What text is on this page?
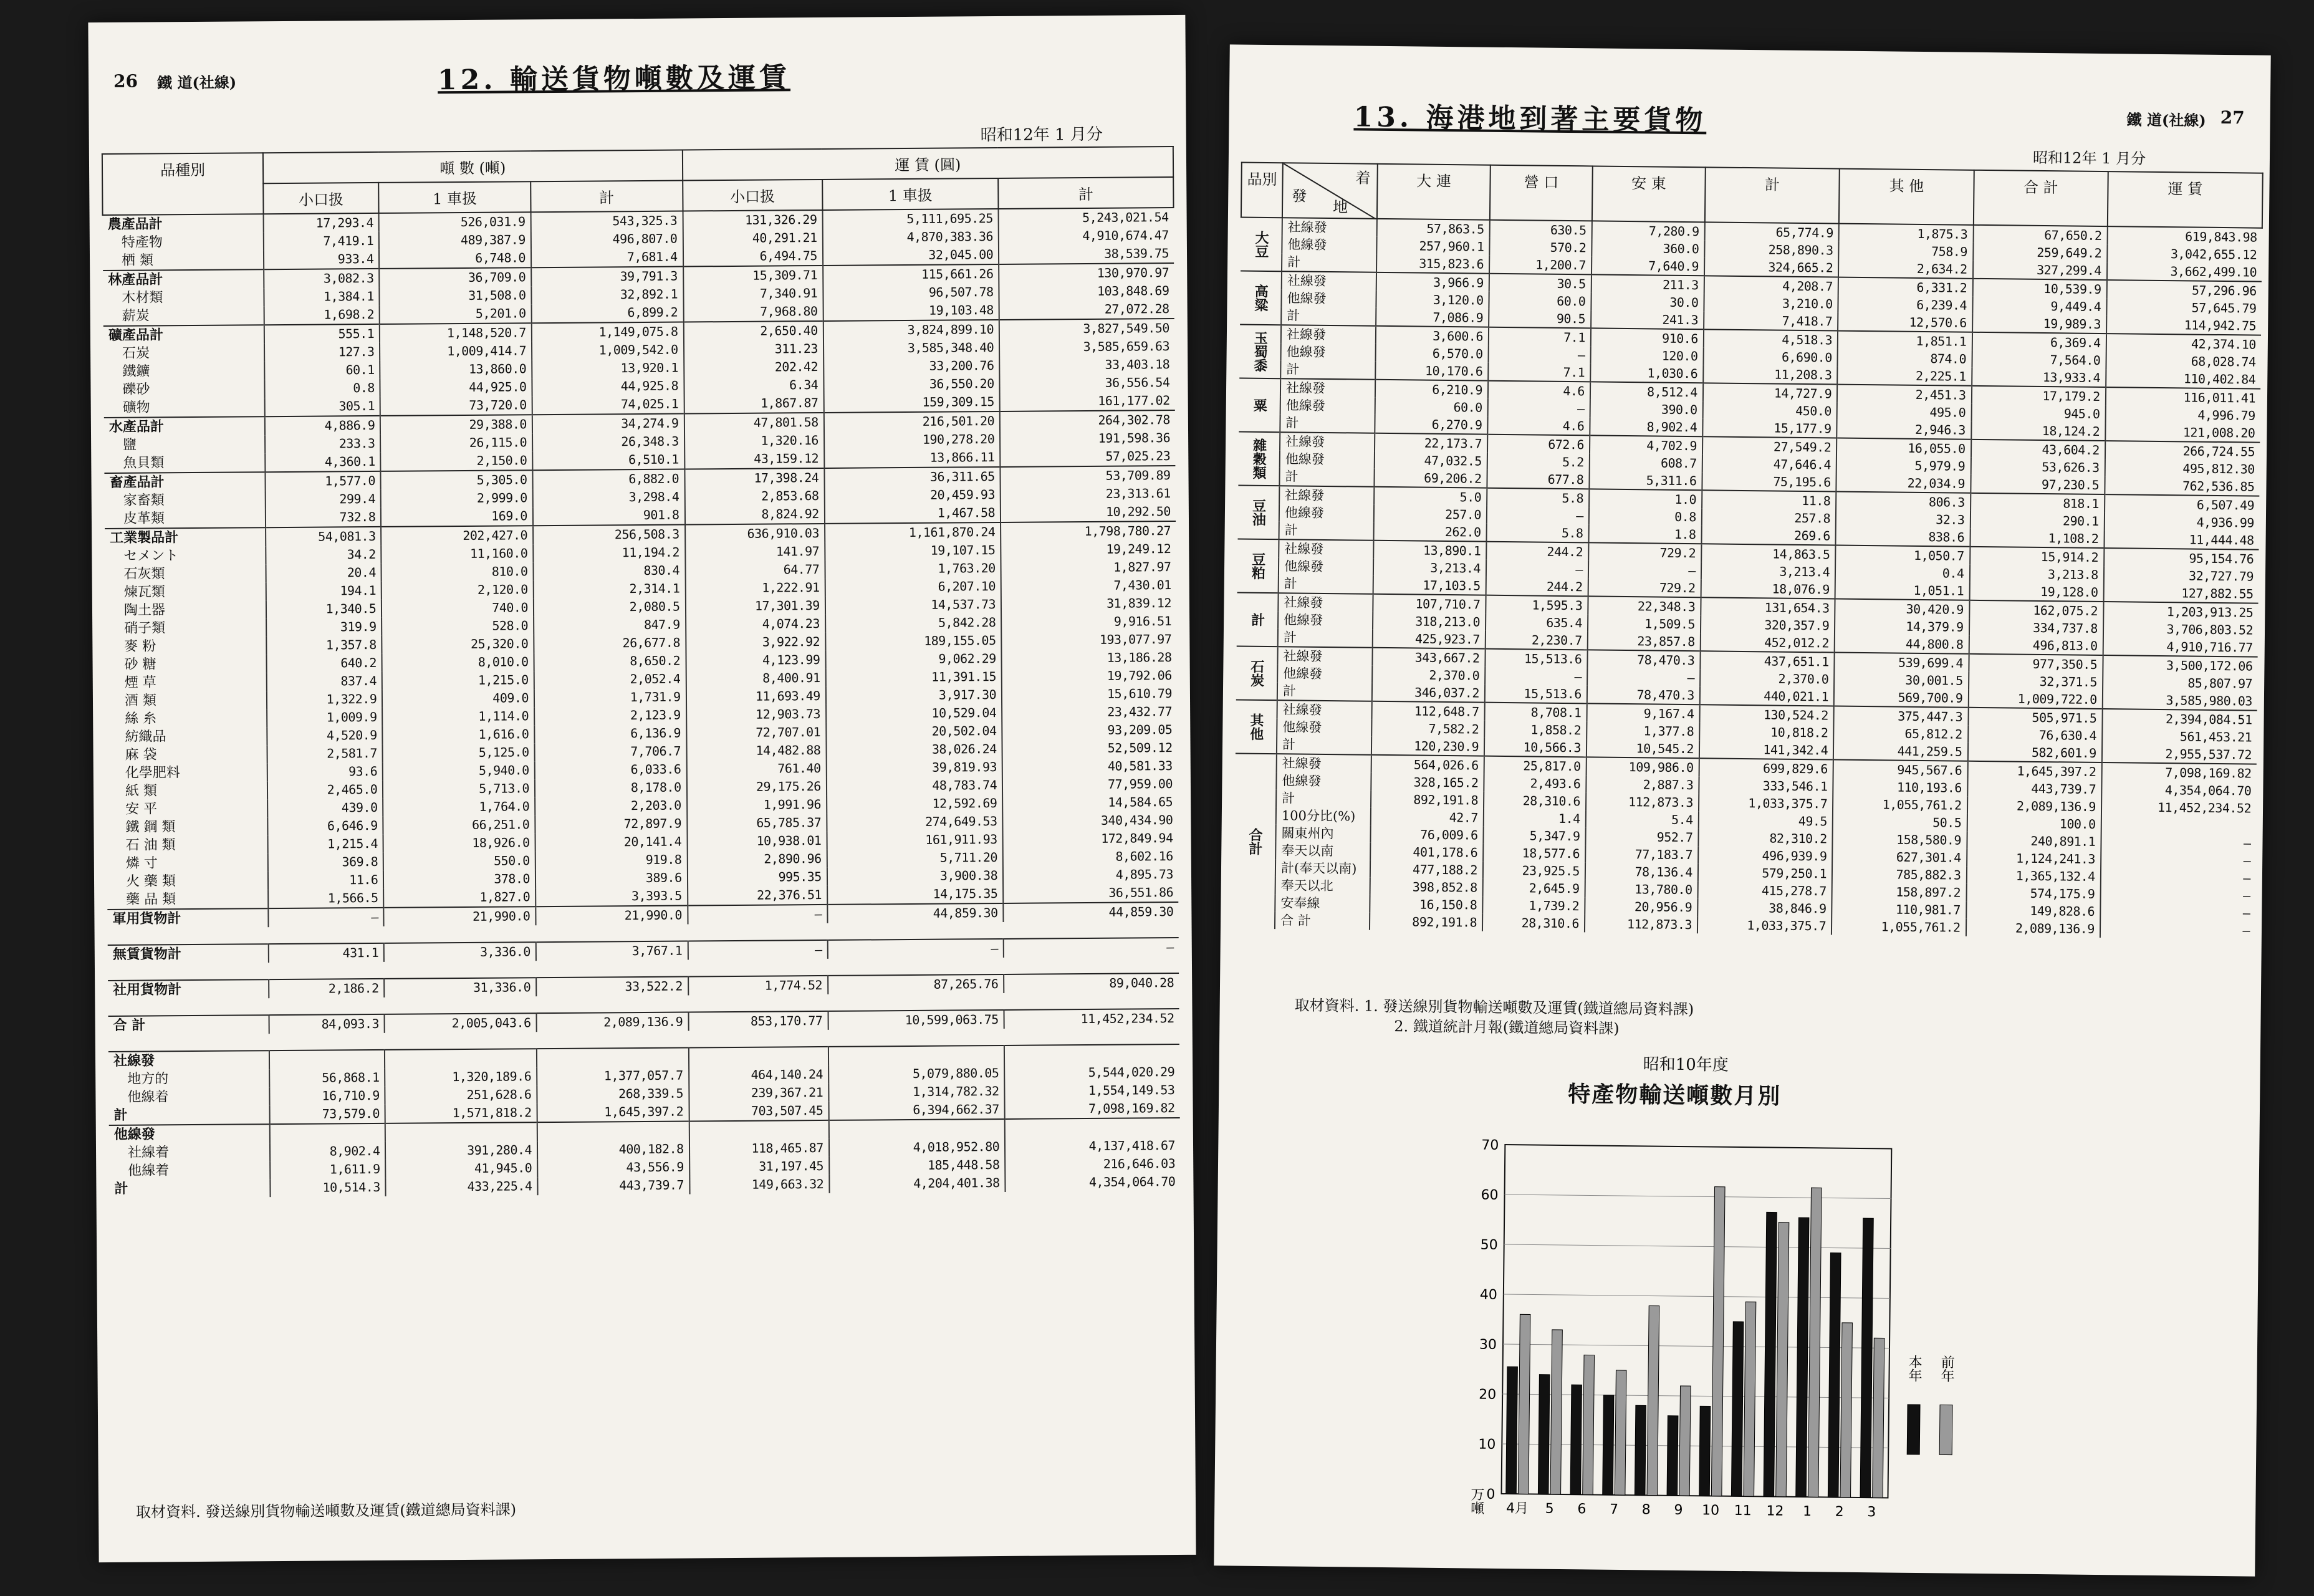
26 鐵 道(社線)	12. 輸送貨物噸數及運賃
昭和12年 1 月分
品種別	噸 數 (噸)			運 賃 (圓)		
	小口扱	1 車扱	計	小口扱	1 車扱	計
農產品計	17,293.4	526,031.9	543,325.3	131,326.29	5,111,695.25	5,243,021.54
特產物	7,419.1	489,387.9	496,807.0	40,291.21	4,870,383.36	4,910,674.47
栖 類	933.4	6,748.0	7,681.4	6,494.75	32,045.00	38,539.75
林產品計	3,082.3	36,709.0	39,791.3	15,309.71	115,661.26	130,970.97
木材類	1,384.1	31,508.0	32,892.1	7,340.91	96,507.78	103,848.69
薪炭	1,698.2	5,201.0	6,899.2	7,968.80	19,103.48	27,072.28
礦產品計	555.1	1,148,520.7	1,149,075.8	2,650.40	3,824,899.10	3,827,549.50
石炭	127.3	1,009,414.7	1,009,542.0	311.23	3,585,348.40	3,585,659.63
鐵鑛	60.1	13,860.0	13,920.1	202.42	33,200.76	33,403.18
礫砂	0.8	44,925.0	44,925.8	6.34	36,550.20	36,556.54
礦物	305.1	73,720.0	74,025.1	1,867.87	159,309.15	161,177.02
水產品計	4,886.9	29,388.0	34,274.9	47,801.58	216,501.20	264,302.78
鹽	233.3	26,115.0	26,348.3	1,320.16	190,278.20	191,598.36
魚貝類	4,360.1	2,150.0	6,510.1	43,159.12	13,866.11	57,025.23
畜產品計	1,577.0	5,305.0	6,882.0	17,398.24	36,311.65	53,709.89
家畜類	299.4	2,999.0	3,298.4	2,853.68	20,459.93	23,313.61
皮革類	732.8	169.0	901.8	8,824.92	1,467.58	10,292.50
工業製品計	54,081.3	202,427.0	256,508.3	636,910.03	1,161,870.24	1,798,780.27
セメント	34.2	11,160.0	11,194.2	141.97	19,107.15	19,249.12
石灰類	20.4	810.0	830.4	64.77	1,763.20	1,827.97
煉瓦類	194.1	2,120.0	2,314.1	1,222.91	6,207.10	7,430.01
陶土器	1,340.5	740.0	2,080.5	17,301.39	14,537.73	31,839.12
硝子類	319.9	528.0	847.9	4,074.23	5,842.28	9,916.51
麥 粉	1,357.8	25,320.0	26,677.8	3,922.92	189,155.05	193,077.97
砂 糖	640.2	8,010.0	8,650.2	4,123.99	9,062.29	13,186.28
煙 草	837.4	1,215.0	2,052.4	8,400.91	11,391.15	19,792.06
酒 類	1,322.9	409.0	1,731.9	11,693.49	3,917.30	15,610.79
絲 糸	1,009.9	1,114.0	2,123.9	12,903.73	10,529.04	23,432.77
紡織品	4,520.9	1,616.0	6,136.9	72,707.01	20,502.04	93,209.05
麻 袋	2,581.7	5,125.0	7,706.7	14,482.88	38,026.24	52,509.12
化學肥料	93.6	5,940.0	6,033.6	761.40	39,819.93	40,581.33
紙 類	2,465.0	5,713.0	8,178.0	29,175.26	48,783.74	77,959.00
安 平	439.0	1,764.0	2,203.0	1,991.96	12,592.69	14,584.65
鐵 鋼 類	6,646.9	66,251.0	72,897.9	65,785.37	274,649.53	340,434.90
石 油 類	1,215.4	18,926.0	20,141.4	10,938.01	161,911.93	172,849.94
燐 寸	369.8	550.0	919.8	2,890.96	5,711.20	8,602.16
火 藥 類	11.6	378.0	389.6	995.35	3,900.38	4,895.73
藥 品 類	1,566.5	1,827.0	3,393.5	22,376.51	14,175.35	36,551.86
軍用貨物計	—	21,990.0	21,990.0	—	44,859.30	44,859.30

無賃貨物計	431.1	3,336.0	3,767.1	—	—	—

社用貨物計	2,186.2	31,336.0	33,522.2	1,774.52	87,265.76	89,040.28

合 計	84,093.3	2,005,043.6	2,089,136.9	853,170.77	10,599,063.75	11,452,234.52

社線發						
地方的	56,868.1	1,320,189.6	1,377,057.7	464,140.24	5,079,880.05	5,544,020.29
他線着	16,710.9	251,628.6	268,339.5	239,367.21	1,314,782.32	1,554,149.53
計	73,579.0	1,571,818.2	1,645,397.2	703,507.45	6,394,662.37	7,098,169.82
他線發						
社線着	8,902.4	391,280.4	400,182.8	118,465.87	4,018,952.80	4,137,418.67
他線着	1,611.9	41,945.0	43,556.9	31,197.45	185,448.58	216,646.03
計	10,514.3	433,225.4	443,739.7	149,663.32	4,204,401.38	4,354,064.70
取材資料. 發送線別貨物輸送噸數及運賃(鐵道總局資料課)
13. 海港地到著主要貨物	鐵 道(社線) 27
昭和12年 1 月分
品別	着
發
地	大 連	營 口	安 東	計	其 他	合 計	運 賃
大豆	社線發	57,863.5	630.5	7,280.9	65,774.9	1,875.3	67,650.2	619,843.98
	他線發	257,960.1	570.2	360.0	258,890.3	758.9	259,649.2	3,042,655.12
	計	315,823.6	1,200.7	7,640.9	324,665.2	2,634.2	327,299.4	3,662,499.10
高粱	社線發	3,966.9	30.5	211.3	4,208.7	6,331.2	10,539.9	57,296.96
	他線發	3,120.0	60.0	30.0	3,210.0	6,239.4	9,449.4	57,645.79
	計	7,086.9	90.5	241.3	7,418.7	12,570.6	19,989.3	114,942.75
玉蜀黍	社線發	3,600.6	7.1	910.6	4,518.3	1,851.1	6,369.4	42,374.10
	他線發	6,570.0	—	120.0	6,690.0	874.0	7,564.0	68,028.74
	計	10,170.6	7.1	1,030.6	11,208.3	2,225.1	13,933.4	110,402.84
粟	社線發	6,210.9	4.6	8,512.4	14,727.9	2,451.3	17,179.2	116,011.41
	他線發	60.0	—	390.0	450.0	495.0	945.0	4,996.79
	計	6,270.9	4.6	8,902.4	15,177.9	2,946.3	18,124.2	121,008.20
雜穀類	社線發	22,173.7	672.6	4,702.9	27,549.2	16,055.0	43,604.2	266,724.55
	他線發	47,032.5	5.2	608.7	47,646.4	5,979.9	53,626.3	495,812.30
	計	69,206.2	677.8	5,311.6	75,195.6	22,034.9	97,230.5	762,536.85
豆油	社線發	5.0	5.8	1.0	11.8	806.3	818.1	6,507.49
	他線發	257.0	—	0.8	257.8	32.3	290.1	4,936.99
	計	262.0	5.8	1.8	269.6	838.6	1,108.2	11,444.48
豆粕	社線發	13,890.1	244.2	729.2	14,863.5	1,050.7	15,914.2	95,154.76
	他線發	3,213.4	—	—	3,213.4	0.4	3,213.8	32,727.79
	計	17,103.5	244.2	729.2	18,076.9	1,051.1	19,128.0	127,882.55
計	社線發	107,710.7	1,595.3	22,348.3	131,654.3	30,420.9	162,075.2	1,203,913.25
	他線發	318,213.0	635.4	1,509.5	320,357.9	14,379.9	334,737.8	3,706,803.52
	計	425,923.7	2,230.7	23,857.8	452,012.2	44,800.8	496,813.0	4,910,716.77
石炭	社線發	343,667.2	15,513.6	78,470.3	437,651.1	539,699.4	977,350.5	3,500,172.06
	他線發	2,370.0	—	—	2,370.0	30,001.5	32,371.5	85,807.97
	計	346,037.2	15,513.6	78,470.3	440,021.1	569,700.9	1,009,722.0	3,585,980.03
其他	社線發	112,648.7	8,708.1	9,167.4	130,524.2	375,447.3	505,971.5	2,394,084.51
	他線發	7,582.2	1,858.2	1,377.8	10,818.2	65,812.2	76,630.4	561,453.21
	計	120,230.9	10,566.3	10,545.2	141,342.4	441,259.5	582,601.9	2,955,537.72
合計	社線發	564,026.6	25,817.0	109,986.0	699,829.6	945,567.6	1,645,397.2	7,098,169.82
	他線發	328,165.2	2,493.6	2,887.3	333,546.1	110,193.6	443,739.7	4,354,064.70
	計	892,191.8	28,310.6	112,873.3	1,033,375.7	1,055,761.2	2,089,136.9	11,452,234.52
	100分比(%)	42.7	1.4	5.4	49.5	50.5	100.0	
	關東州內	76,009.6	5,347.9	952.7	82,310.2	158,580.9	240,891.1	—
	奉天以南	401,178.6	18,577.6	77,183.7	496,939.9	627,301.4	1,124,241.3	—
	計(奉天以南)	477,188.2	23,925.5	78,136.4	579,250.1	785,882.3	1,365,132.4	—
	奉天以北	398,852.8	2,645.9	13,780.0	415,278.7	158,897.2	574,175.9	—
	安奉線	16,150.8	1,739.2	20,956.9	38,846.9	110,981.7	149,828.6	—
	合 計	892,191.8	28,310.6	112,873.3	1,033,375.7	1,055,761.2	2,089,136.9	—
取材資料. 1. 發送線別貨物輸送噸數及運賃(鐵道總局資料課)
2. 鐵道統計月報(鐵道總局資料課)
昭和10年度
特產物輸送噸數月別
0
10
20
30
40
50
60
70
4月 5 6 7 8 9 10 11 12 1 2 3
万噸
本年 前年
